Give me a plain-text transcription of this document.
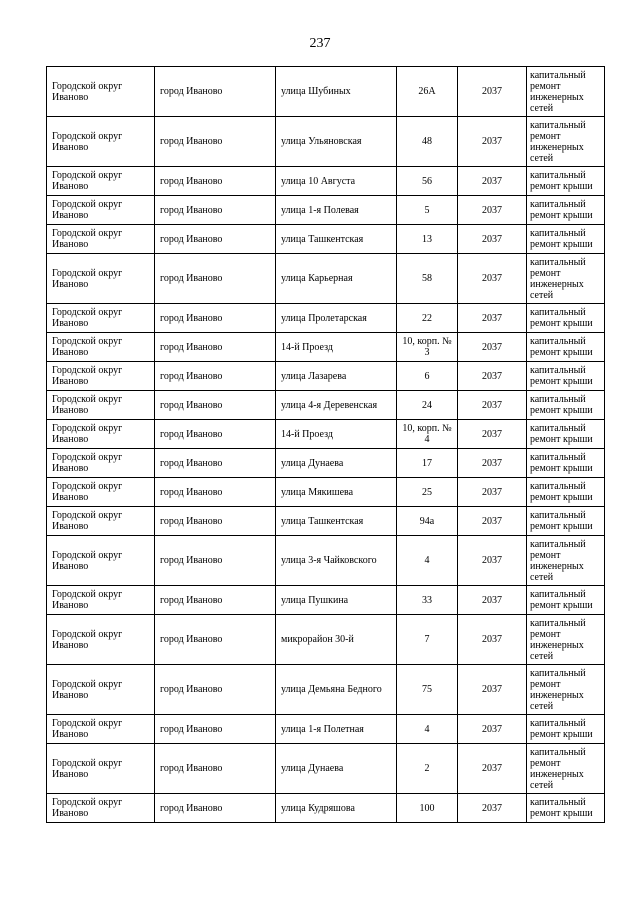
237
Городской округ Иваново	город Иваново	улица Шубиных	26А	2037	капитальный ремонт инженерных сетей
Городской округ Иваново	город Иваново	улица Ульяновская	48	2037	капитальный ремонт инженерных сетей
Городской округ Иваново	город Иваново	улица 10 Августа	56	2037	капитальный ремонт крыши
Городской округ Иваново	город Иваново	улица 1-я Полевая	5	2037	капитальный ремонт крыши
Городской округ Иваново	город Иваново	улица Ташкентская	13	2037	капитальный ремонт крыши
Городской округ Иваново	город Иваново	улица Карьерная	58	2037	капитальный ремонт инженерных сетей
Городской округ Иваново	город Иваново	улица Пролетарская	22	2037	капитальный ремонт крыши
Городской округ Иваново	город Иваново	14-й Проезд	10, корп. № 3	2037	капитальный ремонт крыши
Городской округ Иваново	город Иваново	улица Лазарева	6	2037	капитальный ремонт крыши
Городской округ Иваново	город Иваново	улица 4-я Деревенская	24	2037	капитальный ремонт крыши
Городской округ Иваново	город Иваново	14-й Проезд	10, корп. № 4	2037	капитальный ремонт крыши
Городской округ Иваново	город Иваново	улица Дунаева	17	2037	капитальный ремонт крыши
Городской округ Иваново	город Иваново	улица Мякишева	25	2037	капитальный ремонт крыши
Городской округ Иваново	город Иваново	улица Ташкентская	94а	2037	капитальный ремонт крыши
Городской округ Иваново	город Иваново	улица 3-я Чайковского	4	2037	капитальный ремонт инженерных сетей
Городской округ Иваново	город Иваново	улица Пушкина	33	2037	капитальный ремонт крыши
Городской округ Иваново	город Иваново	микрорайон 30-й	7	2037	капитальный ремонт инженерных сетей
Городской округ Иваново	город Иваново	улица Демьяна Бедного	75	2037	капитальный ремонт инженерных сетей
Городской округ Иваново	город Иваново	улица 1-я Полетная	4	2037	капитальный ремонт крыши
Городской округ Иваново	город Иваново	улица Дунаева	2	2037	капитальный ремонт инженерных сетей
Городской округ Иваново	город Иваново	улица Кудряшова	100	2037	капитальный ремонт крыши
